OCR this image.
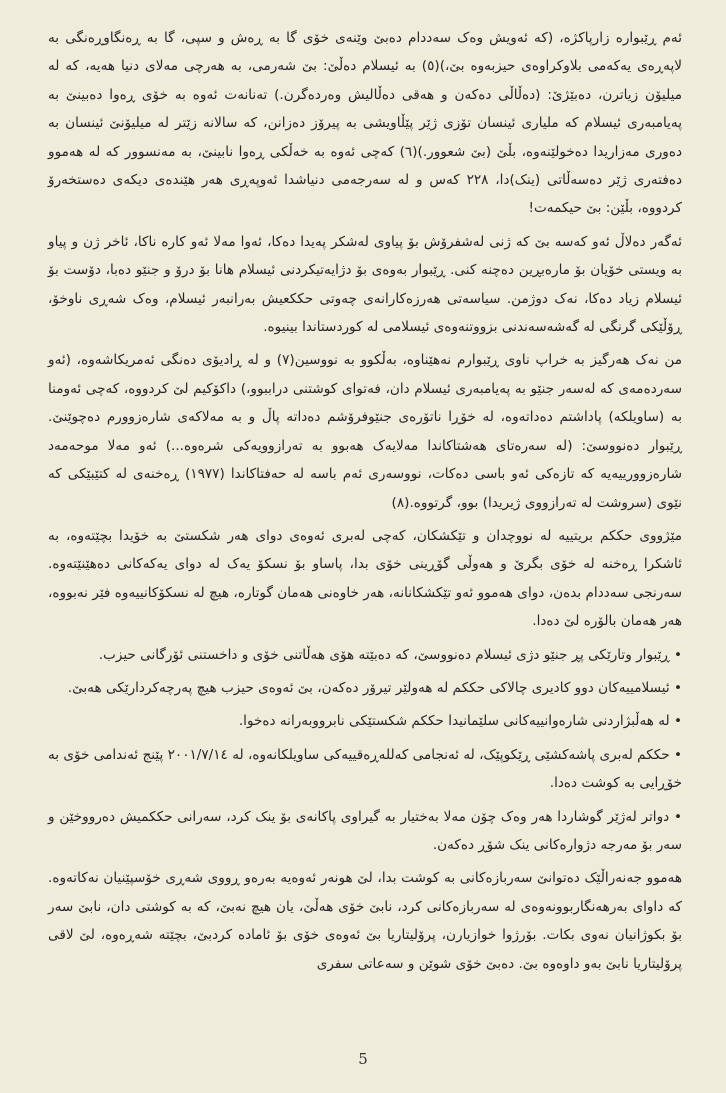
ئەم ڕێبوارە زارپاکژە، (کە ئەویش وەک سەددام دەبێ وێنەی خۆی گا بە ڕەش و سپی، گا بە ڕەنگاوڕەنگی بە لاپەڕەی یەکەمی بلاوکراوەی حیزبەوە بێ،)(٥) بە ئیسلام دەڵێ: بێ شەرمی، بە هەرچی مەلای دنیا هەیە، کە لە میلیۆن زیاترن، دەبێژێ: (دەڵاڵی دەکەن و هەقی دەڵالیش وەردەگرن.) تەنانەت ئەوە بە خۆی ڕەوا دەبینێ بە پەیامبەری ئیسلام کە ملیاری ئینسان تۆزی ژێر پێڵاویشی بە پیرۆز دەزانن، کە سالانە زێتر لە میلیۆنێ ئینسان بە دەوری مەزاریدا دەخولێنەوە، بڵێ (بێ شعوور.)(٦) کەچی ئەوە بە خەڵکی ڕەوا نابینێ، بە مەنسوور کە لە هەموو دەفتەری ژێر دەسەڵاتی (ینک)دا، ٢٢٨ کەس و لە سەرجەمی دنیاشدا ئەوپەڕی هەر هێندەی دیکەی دەستخەرۆ کردووە، بڵێن: بێ حیکمەت!

ئەگەر دەلاڵ ئەو کەسە بێ کە ژنی لەشفرۆش بۆ پیاوی لەشکر پەیدا دەکا، ئەوا مەلا ئەو کارە ناکا، ئاخر ژن و پیاو بە ویستی خۆیان بۆ مارەبڕین دەچنە کنی. ڕێبوار بەوەی بۆ دژایەتیکردنی ئیسلام هانا بۆ درۆ و جنێو دەبا، دۆست بۆ ئیسلام زیاد دەکا، نەک دوژمن. سیاسەتی هەرزەکارانەی چەوتی حککعیش بەرانبەر ئیسلام، وەک شەڕی ناوخۆ، ڕۆڵێکی گرنگی لە گەشەسەندنی بزووتنەوەی ئیسلامی لە کوردستاندا بینیوە.

من نەک هەرگیز بە خراپ ناوی ڕێبوارم نەهێناوە، بەڵکوو بە نووسین(٧) و لە ڕادیۆی دەنگی ئەمریکاشەوە، (ئەو سەردەمەی کە لەسەر جنێو بە پەیامبەری ئیسلام دان، فەتوای کوشتنی دراببوو،) داکۆکیم لێ کردووە، کەچی ئەومنا بە (ساویلکە) پاداشتم دەداتەوە، لە خۆڕا ناتۆرەی جنێوفرۆشم دەداتە پاڵ و بە مەلاکەی شارەزوورم دەچوێنێ. ڕێبوار دەنووسێ: (لە سەرەتای هەشتاکاندا مەلایەک هەبوو بە تەرازوویەکی شرەوە...) ئەو مەلا موحەمەد شارەزوورییەیە کە تازەکی ئەو باسی دەکات، نووسەری ئەم باسە لە حەفتاکاندا (١٩٧٧) ڕەخنەی لە کتێبێکی کە نێوی (سروشت لە تەرازووی ژیریدا) بوو، گرتووە.(٨)

مێژووی حککم بریتییە لە نووچدان و تێکشکان، کەچی لەبری ئەوەی دوای هەر شکستێ بە خۆیدا بچێتەوە، بە ئاشکرا ڕەخنە لە خۆی بگرێ و هەوڵی گۆڕینی خۆی بدا، پاساو بۆ نسکۆ یەک لە دوای یەکەکانی دەهێنێتەوە. سەرنجی سەددام بدەن، دوای هەموو ئەو تێکشکانانە، هەر خاوەنی هەمان گوتارە، هیچ لە نسکۆکانییەوە فێر نەبووە، هەر هەمان بالۆرە لێ دەدا.

• ڕێبوار وتارێکی پڕ جنێو دژی ئیسلام دەنووسێ، کە دەبێتە هۆی هەڵاتنی خۆی و داخستنی ئۆرگانی حیزب.

• ئیسلامییەکان دوو کادیری چالاکی حککم لە هەولێر تیرۆر دەکەن، بێ ئەوەی حیزب هیچ پەرچەکردارێکی هەبێ.

• لە هەڵبژاردنی شارەوانییەکانی سلێمانیدا حککم شکستێکی نابرووبەرانە دەخوا.

• حککم لەبری پاشەکشێی ڕێکوپێک، لە ئەنجامی کەللەڕەقییەکی ساویلکانەوە، لە ٢٠٠١/٧/١٤ پێنج ئەندامی خۆی بە خۆڕایی بە کوشت دەدا.

• دواتر لەژێر گوشاردا هەر وەک چۆن مەلا بەختیار بە گیراوی پاکانەی بۆ ینک کرد، سەرانی حککمیش دەرووخێن و سەر بۆ مەرجە دژوارەکانی ینک شۆڕ دەکەن.

هەموو جەنەراڵێک دەتوانێ سەربازەکانی بە کوشت بدا، لێ هونەر ئەوەیە بەرەو ڕووی شەڕی خۆسپێنیان نەکاتەوە. کە داوای بەرهەنگاربوونەوەی لە سەربازەکانی کرد، نابێ خۆی هەڵێ، یان هیچ نەبێ، کە بە کوشتی دان، نابێ سەر بۆ بکوژانیان نەوی بکات. بۆرژوا خوازیارن، پرۆلیتاریا بێ ئەوەی خۆی بۆ ئامادە کردبێ، بچێتە شەڕەوە، لێ لاقی پرۆلیتاریا نابێ بەو داوەوە بێ. دەبێ خۆی شوێن و سەعاتی سفری

5
